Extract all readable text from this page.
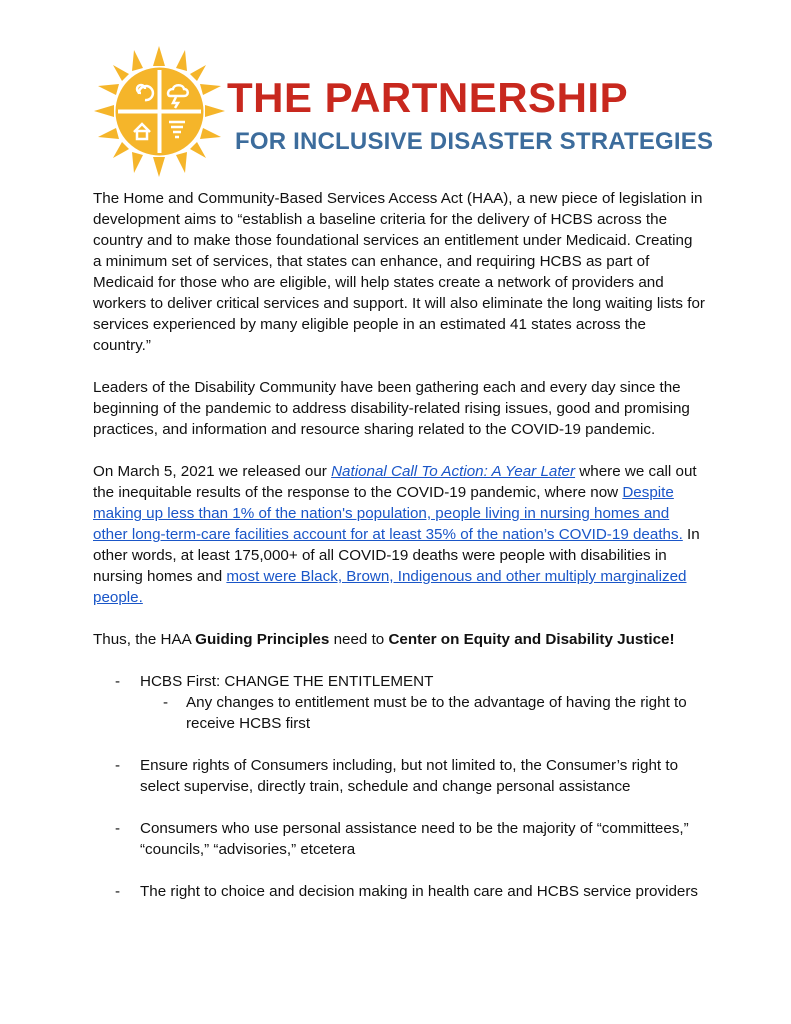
THE PARTNERSHIP
FOR INCLUSIVE DISASTER STRATEGIES

The Home and Community-Based Services Access Act (HAA), a new piece of legislation in development aims to “establish a baseline criteria for the delivery of HCBS across the country and to make those foundational services an entitlement under Medicaid. Creating a minimum set of services, that states can enhance, and requiring HCBS as part of Medicaid for those who are eligible, will help states create a network of providers and workers to deliver critical services and support. It will also eliminate the long waiting lists for services experienced by many eligible people in an estimated 41 states across the country.”

Leaders of the Disability Community have been gathering each and every day since the beginning of the pandemic to address disability-related rising issues, good and promising practices, and information and resource sharing related to the COVID-19 pandemic.

On March 5, 2021 we released our National Call To Action: A Year Later where we call out the inequitable results of the response to the COVID-19 pandemic, where now Despite making up less than 1% of the nation's population, people living in nursing homes and other long-term-care facilities account for at least 35% of the nation’s COVID-19 deaths. In other words, at least 175,000+ of all COVID-19 deaths were people with disabilities in nursing homes and most were Black, Brown, Indigenous and other multiply marginalized people.

Thus, the HAA Guiding Principles need to Center on Equity and Disability Justice!

- HCBS First: CHANGE THE ENTITLEMENT
- Any changes to entitlement must be to the advantage of having the right to receive HCBS first
- Ensure rights of Consumers including, but not limited to, the Consumer’s right to select supervise, directly train, schedule and change personal assistance
- Consumers who use personal assistance need to be the majority of “committees,” “councils,” “advisories,” etcetera
- The right to choice and decision making in health care and HCBS service providers
